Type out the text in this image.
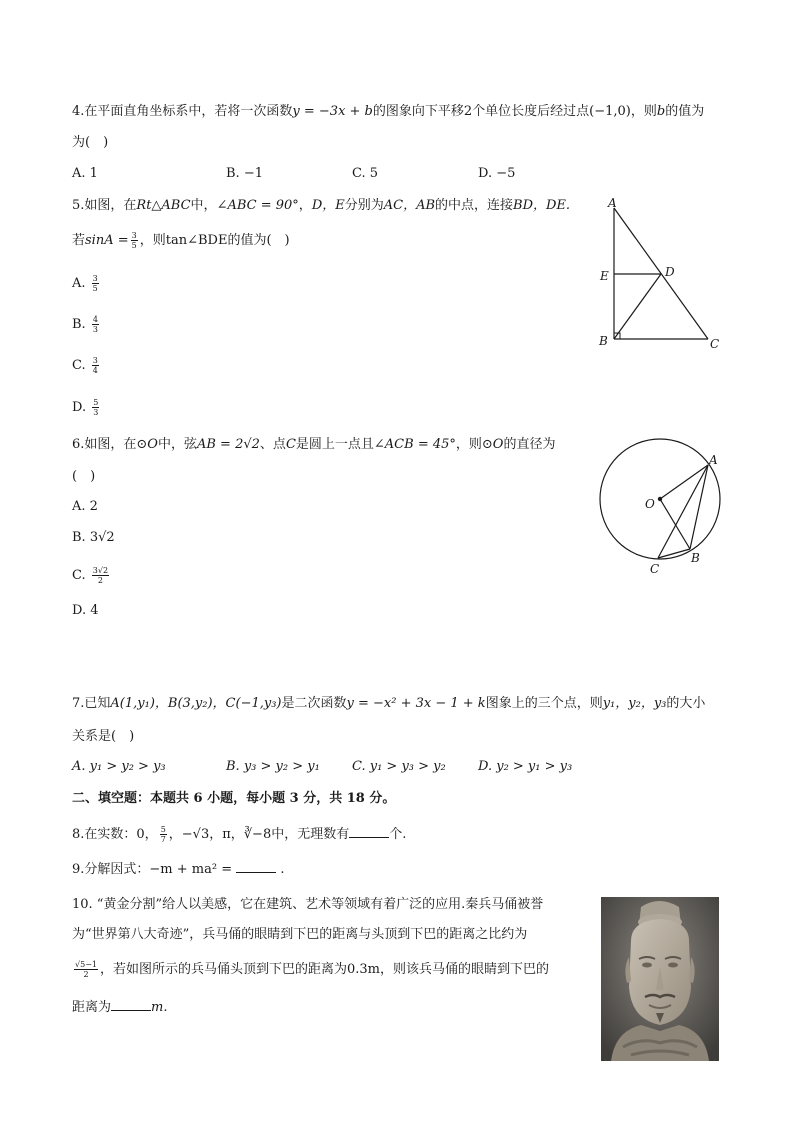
4.在平面直角坐标系中，若将一次函数y = −3x + b的图象向下平移2个单位长度后经过点(−1,0)，则b的值为
为(　)
A. 1	B. −1	C. 5	D. −5
5.如图，在Rt△ABC中，∠ABC = 90°，D，E分别为AC，AB的中点，连接BD，DE.
若$\sin A = \frac{3}{5}$ ，则tan∠BDE的值为(　)
A. $\frac{3}{5}$
B. $\frac{4}{3}$
C. $\frac{3}{4}$
D. $\frac{5}{3}$
A
E	D
B	C
6.如图，在⊙O中，弦AB = 2√2、点C是圆上一点且∠ACB = 45°，则⊙O的直径为
(　)
A. 2
B. 3√2
C. $\frac{3√2}{2}$
D. 4
O
A
B
C
7.已知A(1,y₁)，B(3,y₂)，C(−1,y₃)是二次函数y = −x² + 3x − 1 + k图象上的三个点，则y₁，y₂，y₃的大小
关系是(　)
A. y₁ > y₂ > y₃	B. y₃ > y₂ > y₁ C. y₁ > y₃ > y₂ D. y₂ > y₁ > y₃
二、填空题：本题共 6 小题，每小题 3 分，共 18 分。
8.在实数：0， $\frac{5}{7}$ ，−√3，π，∛−8中，无理数有	个.
9.分解因式：−m + ma² =	.
10. “黄金分割”给人以美感，它在建筑、艺术等领域有着广泛的应用.秦兵马俑被誉
为“世界第八大奇迹”，兵马俑的眼睛到下巴的距离与头顶到下巴的距离之比约为
$\frac{√5-1}{2}$ ，若如图所示的兵马俑头顶到下巴的距离为0.3m，则该兵马俑的眼睛到下巴的
距离为	m.
